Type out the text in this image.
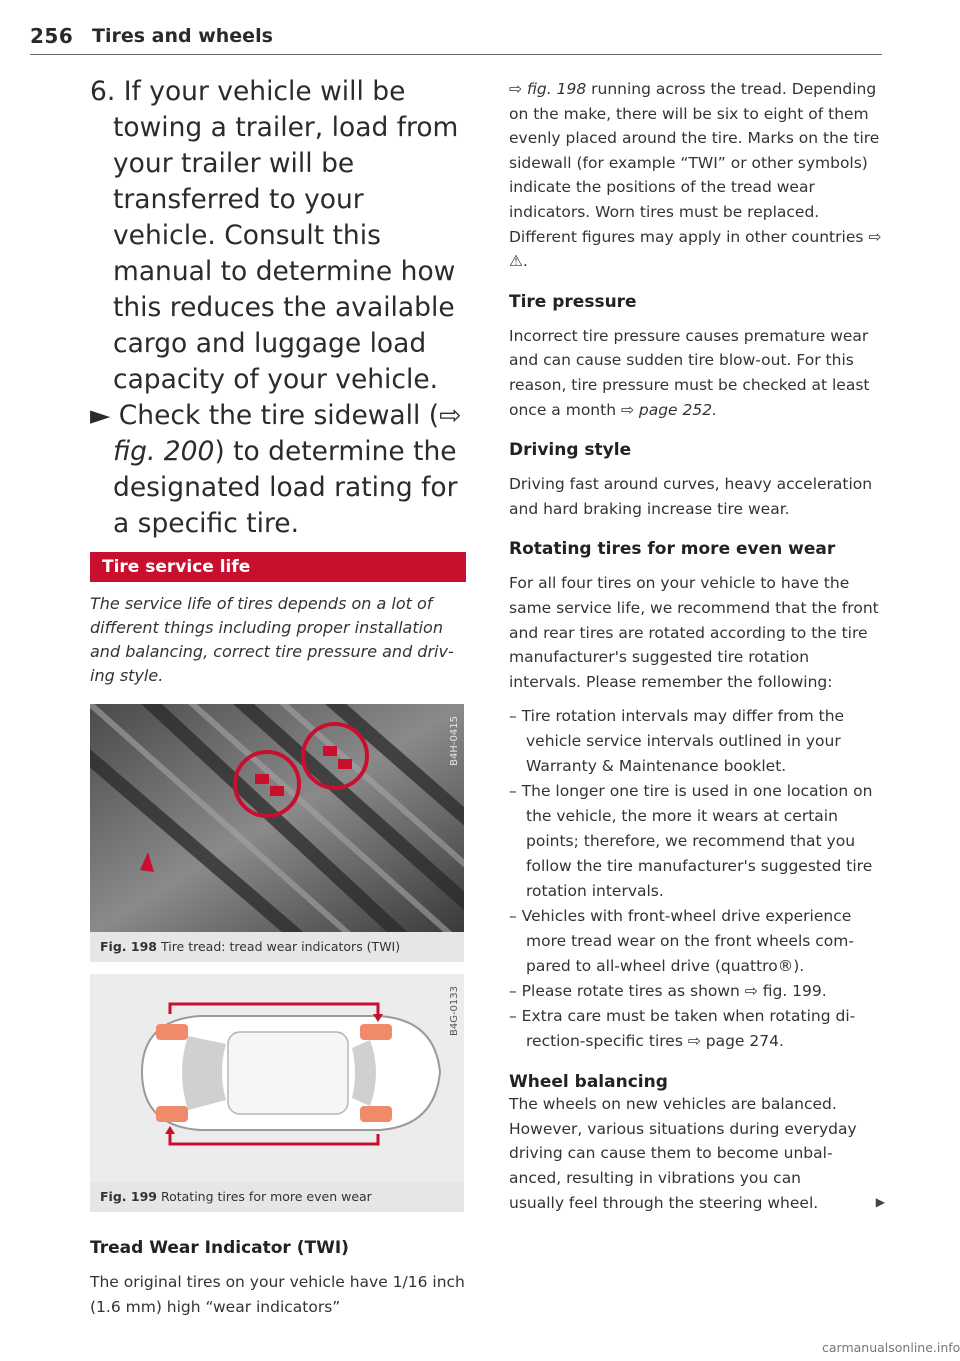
256 Tires and wheels

6. If your vehicle will be towing a trailer, load from your trailer will be transferred to your vehicle. Consult this manual to determine how this reduces the available cargo and luggage load capacity of your vehicle.

► Check the tire sidewall (⇨ fig. 200) to determine the designated load rating for a specific tire.

Tire service life

The service life of tires depends on a lot of different things including proper installation and balancing, correct tire pressure and driving style.

B4H-0415
Fig. 198 Tire tread: tread wear indicators (TWI)
B4G-0133
Fig. 199 Rotating tires for more even wear
Tread Wear Indicator (TWI)

The original tires on your vehicle have 1/16 inch (1.6 mm) high “wear indicators”

⇨ fig. 198 running across the tread. Depending on the make, there will be six to eight of them evenly placed around the tire. Marks on the tire sidewall (for example “TWI” or other symbols) indicate the positions of the tread wear indicators. Worn tires must be replaced. Different figures may apply in other countries ⇨ ⚠.

Tire pressure

Incorrect tire pressure causes premature wear and can cause sudden tire blow-out. For this reason, tire pressure must be checked at least once a month ⇨ page 252.

Driving style

Driving fast around curves, heavy acceleration and hard braking increase tire wear.

Rotating tires for more even wear

For all four tires on your vehicle to have the same service life, we recommend that the front and rear tires are rotated according to the tire manufacturer's suggested tire rotation intervals. Please remember the following:

– Tire rotation intervals may differ from the vehicle service intervals outlined in your Warranty & Maintenance booklet.
– The longer one tire is used in one location on the vehicle, the more it wears at certain points; therefore, we recommend that you follow the tire manufacturer's suggested tire rotation intervals.
– Vehicles with front-wheel drive experience more tread wear on the front wheels compared to all-wheel drive (quattro®).
– Please rotate tires as shown ⇨ fig. 199.
– Extra care must be taken when rotating direction-specific tires ⇨ page 274.
Wheel balancing

The wheels on new vehicles are balanced. However, various situations during everyday driving can cause them to become unbalanced, resulting in vibrations you can usually feel through the steering wheel.	▶
carmanualsonline.info
